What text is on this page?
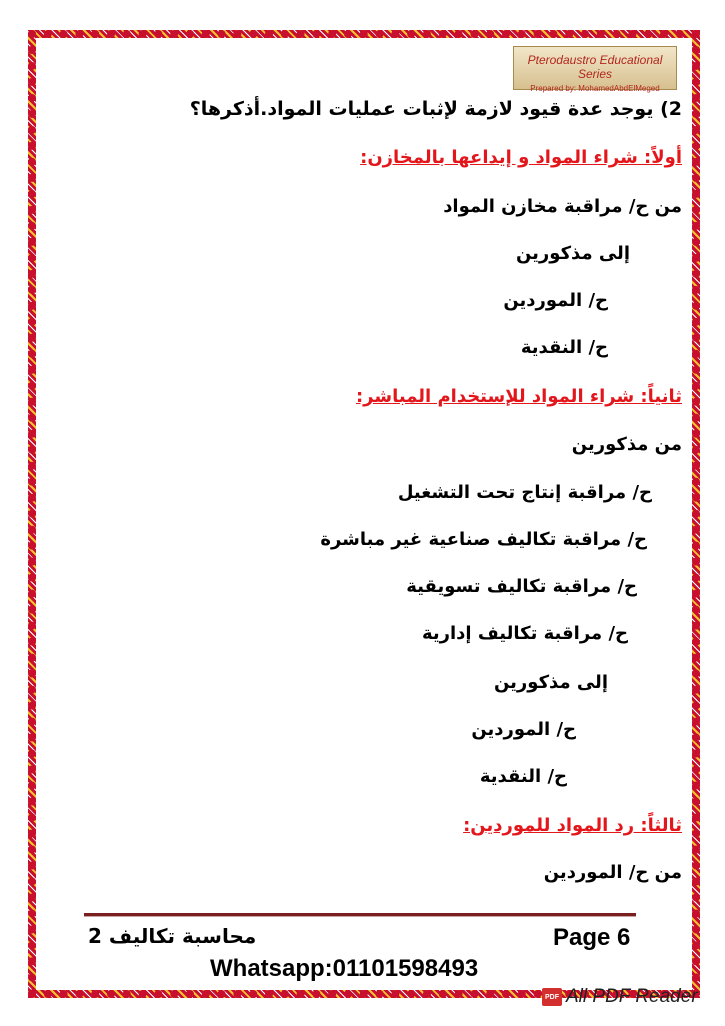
Pterodaustro Educational Series
Prepared by: MohamedAbdElMeged
2) يوجد عدة قيود لازمة لإثبات عمليات المواد.أذكرها؟
أولاً: شراء المواد و إيداعها بالمخازن:
من ح/ مراقبة مخازن المواد
إلى مذكورين
ح/ الموردين
ح/ النقدية
ثانياً: شراء المواد للإستخدام المباشر:
من مذكورين
ح/ مراقبة إنتاج تحت التشغيل
ح/ مراقبة تكاليف صناعية غير مباشرة
ح/ مراقبة تكاليف تسويقية
ح/ مراقبة تكاليف إدارية
إلى مذكورين
ح/ الموردين
ح/ النقدية
ثالثاً: رد المواد للموردين:
من ح/ الموردين
محاسبة تكاليف 2	Page 6
Whatsapp:01101598493
PDF All PDF Reader
